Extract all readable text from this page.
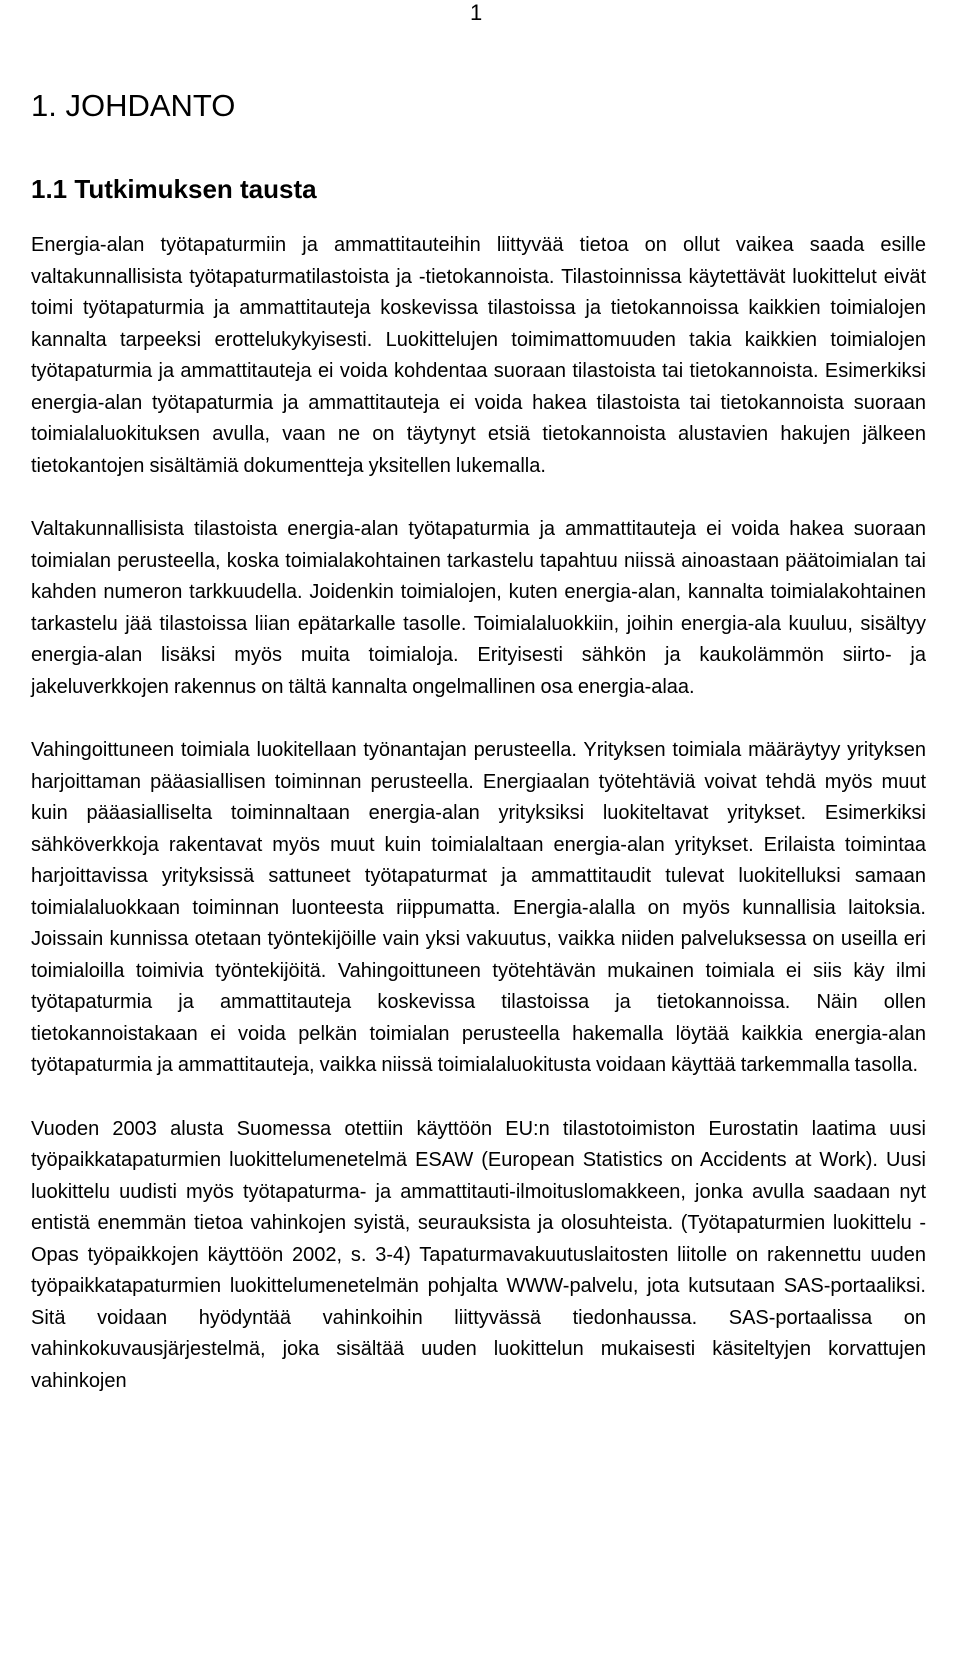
1
1. JOHDANTO
1.1 Tutkimuksen tausta

Energia-alan työtapaturmiin ja ammattitauteihin liittyvää tietoa on ollut vaikea saada esille valtakunnallisista työtapaturmatilastoista ja -tietokannoista. Tilastoinnissa käytettävät luokittelut eivät toimi työtapaturmia ja ammattitauteja koskevissa tilastoissa ja tietokannoissa kaikkien toimialojen kannalta tarpeeksi erottelukykyisesti. Luokittelujen toimimattomuuden takia kaikkien toimialojen työtapaturmia ja ammattitauteja ei voida kohdentaa suoraan tilastoista tai tietokannoista. Esimerkiksi energia-alan työtapaturmia ja ammattitauteja ei voida hakea tilastoista tai tietokannoista suoraan toimialaluokituksen avulla, vaan ne on täytynyt etsiä tietokannoista alustavien hakujen jälkeen tietokantojen sisältämiä dokumentteja yksitellen lukemalla.

Valtakunnallisista tilastoista energia-alan työtapaturmia ja ammattitauteja ei voida hakea suoraan toimialan perusteella, koska toimialakohtainen tarkastelu tapahtuu niissä ainoastaan päätoimialan tai kahden numeron tarkkuudella. Joidenkin toimialojen, kuten energia-alan, kannalta toimialakohtainen tarkastelu jää tilastoissa liian epätarkalle tasolle. Toimialaluokkiin, joihin energia-ala kuuluu, sisältyy energia-alan lisäksi myös muita toimialoja. Erityisesti sähkön ja kaukolämmön siirto- ja jakeluverkkojen rakennus on tältä kannalta ongelmallinen osa energia-alaa.

Vahingoittuneen toimiala luokitellaan työnantajan perusteella. Yrityksen toimiala määräytyy yrityksen harjoittaman pääasiallisen toiminnan perusteella. Energiaalan työtehtäviä voivat tehdä myös muut kuin pääasialliselta toiminnaltaan energia-alan yrityksiksi luokiteltavat yritykset. Esimerkiksi sähköverkkoja rakentavat myös muut kuin toimialaltaan energia-alan yritykset. Erilaista toimintaa harjoittavissa yrityksissä sattuneet työtapaturmat ja ammattitaudit tulevat luokitelluksi samaan toimialaluokkaan toiminnan luonteesta riippumatta. Energia-alalla on myös kunnallisia laitoksia. Joissain kunnissa otetaan työntekijöille vain yksi vakuutus, vaikka niiden palveluksessa on useilla eri toimialoilla toimivia työntekijöitä. Vahingoittuneen työtehtävän mukainen toimiala ei siis käy ilmi työtapaturmia ja ammattitauteja koskevissa tilastoissa ja tietokannoissa. Näin ollen tietokannoistakaan ei voida pelkän toimialan perusteella hakemalla löytää kaikkia energia-alan työtapaturmia ja ammattitauteja, vaikka niissä toimialaluokitusta voidaan käyttää tarkemmalla tasolla.

Vuoden 2003 alusta Suomessa otettiin käyttöön EU:n tilastotoimiston Eurostatin laatima uusi työpaikkatapaturmien luokittelumenetelmä ESAW (European Statistics on Accidents at Work). Uusi luokittelu uudisti myös työtapaturma- ja ammattitauti-ilmoituslomakkeen, jonka avulla saadaan nyt entistä enemmän tietoa vahinkojen syistä, seurauksista ja olosuhteista. (Työtapaturmien luokittelu - Opas työpaikkojen käyttöön 2002, s. 3-4) Tapaturmavakuutuslaitosten liitolle on rakennettu uuden työpaikkatapaturmien luokittelumenetelmän pohjalta WWW-palvelu, jota kutsutaan SAS-portaaliksi. Sitä voidaan hyödyntää vahinkoihin liittyvässä tiedonhaussa. SAS-portaalissa on vahinkokuvausjärjestelmä, joka sisältää uuden luokittelun mukaisesti käsiteltyjen korvattujen vahinkojen
